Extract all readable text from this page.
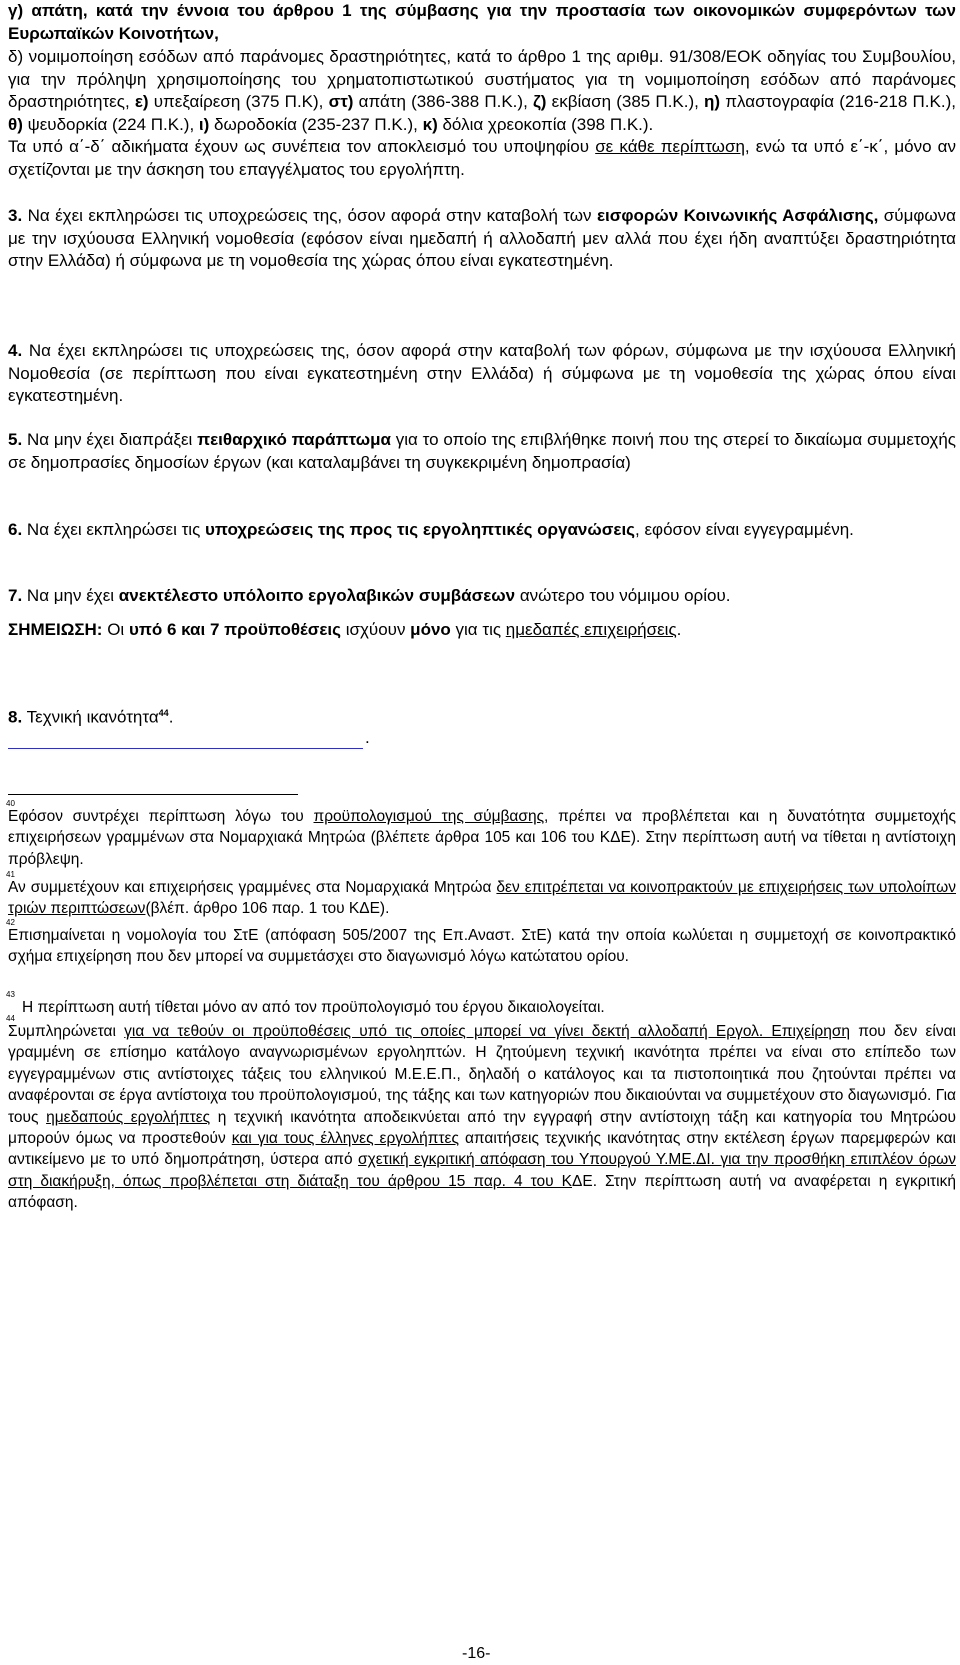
γ) απάτη, κατά την έννοια του άρθρου 1 της σύμβασης για την προστασία των οικονομικών συμφερόντων των Ευρωπαϊκών Κοινοτήτων,

δ) νομιμοποίηση εσόδων από παράνομες δραστηριότητες, κατά το άρθρο 1 της αριθμ. 91/308/ΕΟΚ οδηγίας του Συμβουλίου, για την πρόληψη χρησιμοποίησης του χρηματοπιστωτικού συστήματος για τη νομιμοποίηση εσόδων από παράνομες δραστηριότητες, ε) υπεξαίρεση (375 Π.Κ), στ) απάτη (386-388 Π.Κ.), ζ) εκβίαση (385 Π.Κ.), η) πλαστογραφία (216-218 Π.Κ.), θ) ψευδορκία (224 Π.Κ.), ι) δωροδοκία (235-237 Π.Κ.), κ) δόλια χρεοκοπία (398 Π.Κ.).

Τα υπό α΄-δ΄ αδικήματα έχουν ως συνέπεια τον αποκλεισμό του υποψηφίου σε κάθε περίπτωση, ενώ τα υπό ε΄-κ΄, μόνο αν σχετίζονται με την άσκηση του επαγγέλματος του εργολήπτη.

3. Να έχει εκπληρώσει τις υποχρεώσεις της, όσον αφορά στην καταβολή των εισφορών Κοινωνικής Ασφάλισης, σύμφωνα με την ισχύουσα Ελληνική νομοθεσία (εφόσον είναι ημεδαπή ή αλλοδαπή μεν αλλά που έχει ήδη αναπτύξει δραστηριότητα στην Ελλάδα) ή σύμφωνα με τη νομοθεσία της χώρας όπου είναι εγκατεστημένη.

4. Να έχει εκπληρώσει τις υποχρεώσεις της, όσον αφορά στην καταβολή των φόρων, σύμφωνα με την ισχύουσα Ελληνική Νομοθεσία (σε περίπτωση που είναι εγκατεστημένη στην Ελλάδα) ή σύμφωνα με τη νομοθεσία της χώρας όπου είναι εγκατεστημένη.

5. Να μην έχει διαπράξει πειθαρχικό παράπτωμα για το οποίο της επιβλήθηκε ποινή που της στερεί το δικαίωμα συμμετοχής σε δημοπρασίες δημοσίων έργων (και καταλαμβάνει τη συγκεκριμένη δημοπρασία)

6. Να έχει εκπληρώσει τις υποχρεώσεις της προς τις εργοληπτικές οργανώσεις, εφόσον είναι εγγεγραμμένη.

7. Να μην έχει ανεκτέλεστο υπόλοιπο εργολαβικών συμβάσεων ανώτερο του νόμιμου ορίου.

ΣΗΜΕΙΩΣΗ: Οι υπό 6 και 7 προϋποθέσεις ισχύουν μόνο για τις ημεδαπές επιχειρήσεις.

8. Τεχνική ικανότητα$^{44}$.

.
40
Εφόσον συντρέχει περίπτωση λόγω του προϋπολογισμού της σύμβασης, πρέπει να προβλέπεται και η δυνατότητα συμμετοχής επιχειρήσεων γραμμένων στα Νομαρχιακά Μητρώα (βλέπετε άρθρα 105 και 106 του ΚΔΕ). Στην περίπτωση αυτή να τίθεται η αντίστοιχη πρόβλεψη.
41
Αν συμμετέχουν και επιχειρήσεις γραμμένες στα Νομαρχιακά Μητρώα δεν επιτρέπεται να κοινοπρακτούν με επιχειρήσεις των υπολοίπων τριών περιπτώσεων(βλέπ. άρθρο 106 παρ. 1 του ΚΔΕ).
42
Επισημαίνεται η νομολογία του ΣτΕ (απόφαση 505/2007 της Επ.Αναστ. ΣτΕ) κατά την οποία κωλύεται η συμμετοχή σε κοινοπρακτικό σχήμα επιχείρηση που δεν μπορεί να συμμετάσχει στο διαγωνισμό λόγω κατώτατου ορίου.
43
Η περίπτωση αυτή τίθεται μόνο αν από τον προϋπολογισμό του έργου δικαιολογείται.
44
Συμπληρώνεται για να τεθούν οι προϋποθέσεις υπό τις οποίες μπορεί να γίνει δεκτή αλλοδαπή Εργολ. Επιχείρηση που δεν είναι γραμμένη σε επίσημο κατάλογο αναγνωρισμένων εργοληπτών. Η ζητούμενη τεχνική ικανότητα πρέπει να είναι στο επίπεδο των εγγεγραμμένων στις αντίστοιχες τάξεις του ελληνικού Μ.Ε.Ε.Π., δηλαδή ο κατάλογος και τα πιστοποιητικά που ζητούνται πρέπει να αναφέρονται σε έργα αντίστοιχα του προϋπολογισμού, της τάξης και των κατηγοριών που δικαιούνται να συμμετέχουν στο διαγωνισμό. Για τους ημεδαπούς εργολήπτες η τεχνική ικανότητα αποδεικνύεται από την εγγραφή στην αντίστοιχη τάξη και κατηγορία του Μητρώου μπορούν όμως να προστεθούν και για τους έλληνες εργολήπτες απαιτήσεις τεχνικής ικανότητας στην εκτέλεση έργων παρεμφερών και αντικείμενο με το υπό δημοπράτηση, ύστερα από σχετική εγκριτική απόφαση του Υπουργού Υ.ΜΕ.ΔΙ. για την προσθήκη επιπλέον όρων στη διακήρυξη, όπως προβλέπεται στη διάταξη του άρθρου 15 παρ. 4 του ΚΔΕ. Στην περίπτωση αυτή να αναφέρεται η εγκριτική απόφαση.
-16-
